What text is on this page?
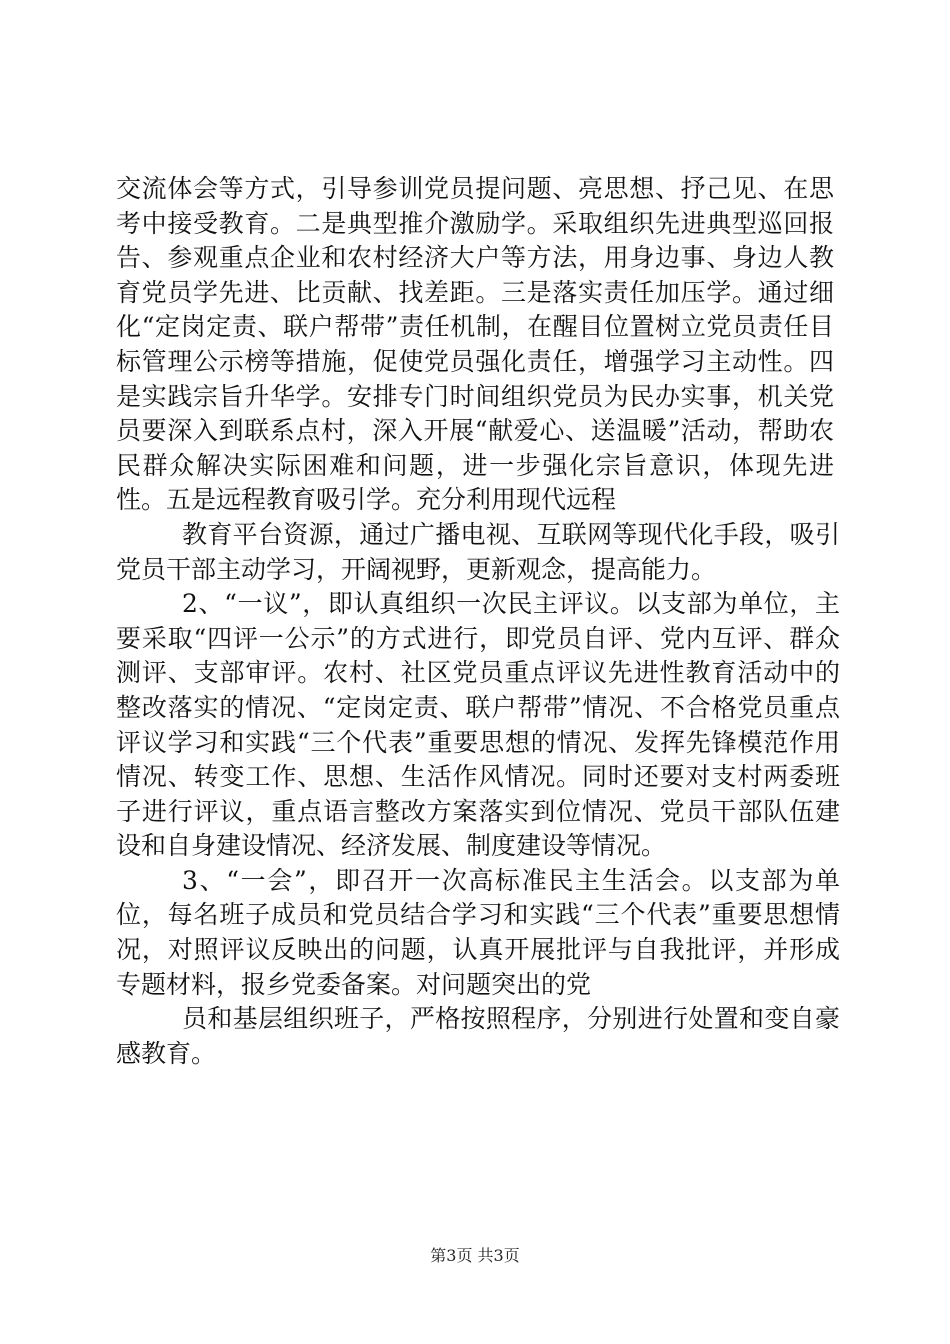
交流体会等方式，引导参训党员提问题、亮思想、抒己见、在思考中接受教育。二是典型推介激励学。采取组织先进典型巡回报告、参观重点企业和农村经济大户等方法，用身边事、身边人教育党员学先进、比贡献、找差距。三是落实责任加压学。通过细化“定岗定责、联户帮带”责任机制，在醒目位置树立党员责任目标管理公示榜等措施，促使党员强化责任，增强学习主动性。四是实践宗旨升华学。安排专门时间组织党员为民办实事，机关党员要深入到联系点村，深入开展“献爱心、送温暖”活动，帮助农民群众解决实际困难和问题，进一步强化宗旨意识，体现先进性。五是远程教育吸引学。充分利用现代远程

教育平台资源，通过广播电视、互联网等现代化手段，吸引党员干部主动学习，开阔视野，更新观念，提高能力。

2、“一议”，即认真组织一次民主评议。以支部为单位，主要采取“四评一公示”的方式进行，即党员自评、党内互评、群众测评、支部审评。农村、社区党员重点评议先进性教育活动中的整改落实的情况、“定岗定责、联户帮带”情况、不合格党员重点评议学习和实践“三个代表”重要思想的情况、发挥先锋模范作用情况、转变工作、思想、生活作风情况。同时还要对支村两委班子进行评议，重点语言整改方案落实到位情况、党员干部队伍建设和自身建设情况、经济发展、制度建设等情况。

3、“一会”，即召开一次高标准民主生活会。以支部为单位，每名班子成员和党员结合学习和实践“三个代表”重要思想情况，对照评议反映出的问题，认真开展批评与自我批评，并形成专题材料，报乡党委备案。对问题突出的党

员和基层组织班子，严格按照程序，分别进行处置和变自豪感教育。

第3页 共3页
